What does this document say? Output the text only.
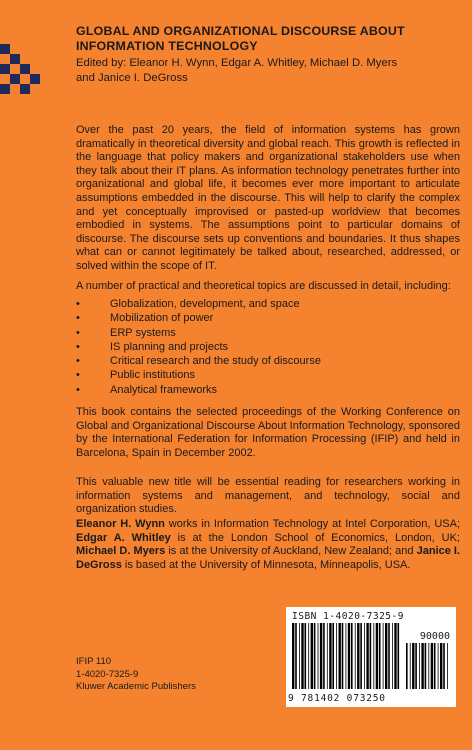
GLOBAL AND ORGANIZATIONAL DISCOURSE ABOUT INFORMATION TECHNOLOGY
Edited by: Eleanor H. Wynn, Edgar A. Whitley, Michael D. Myers
and Janice I. DeGross

Over the past 20 years, the field of information systems has grown dramatically in theoretical diversity and global reach. This growth is reflected in the language that policy makers and organizational stakeholders use when they talk about their IT plans. As information technology penetrates further into organizational and global life, it becomes ever more important to articulate assumptions embedded in the discourse. This will help to clarify the complex and yet conceptually improvised or pasted-up worldview that becomes embodied in systems. The assumptions point to particular domains of discourse. The discourse sets up conventions and boundaries. It thus shapes what can or cannot legitimately be talked about, researched, addressed, or solved within the scope of IT.

A number of practical and theoretical topics are discussed in detail, including:

• Globalization, development, and space
• Mobilization of power
• ERP systems
• IS planning and projects
• Critical research and the study of discourse
• Public institutions
• Analytical frameworks

This book contains the selected proceedings of the Working Conference on Global and Organizational Discourse About Information Technology, sponsored by the International Federation for Information Processing (IFIP) and held in Barcelona, Spain in December 2002.

This valuable new title will be essential reading for researchers working in information systems and management, and technology, social and organization studies.

Eleanor H. Wynn works in Information Technology at Intel Corporation, USA; Edgar A. Whitley is at the London School of Economics, London, UK; Michael D. Myers is at the University of Auckland, New Zealand; and Janice I. DeGross is based at the University of Minnesota, Minneapolis, USA.

ISBN 1-4020-7325-9
90000
9 781402 073250
IFIP 110
1-4020-7325-9
Kluwer Academic Publishers
